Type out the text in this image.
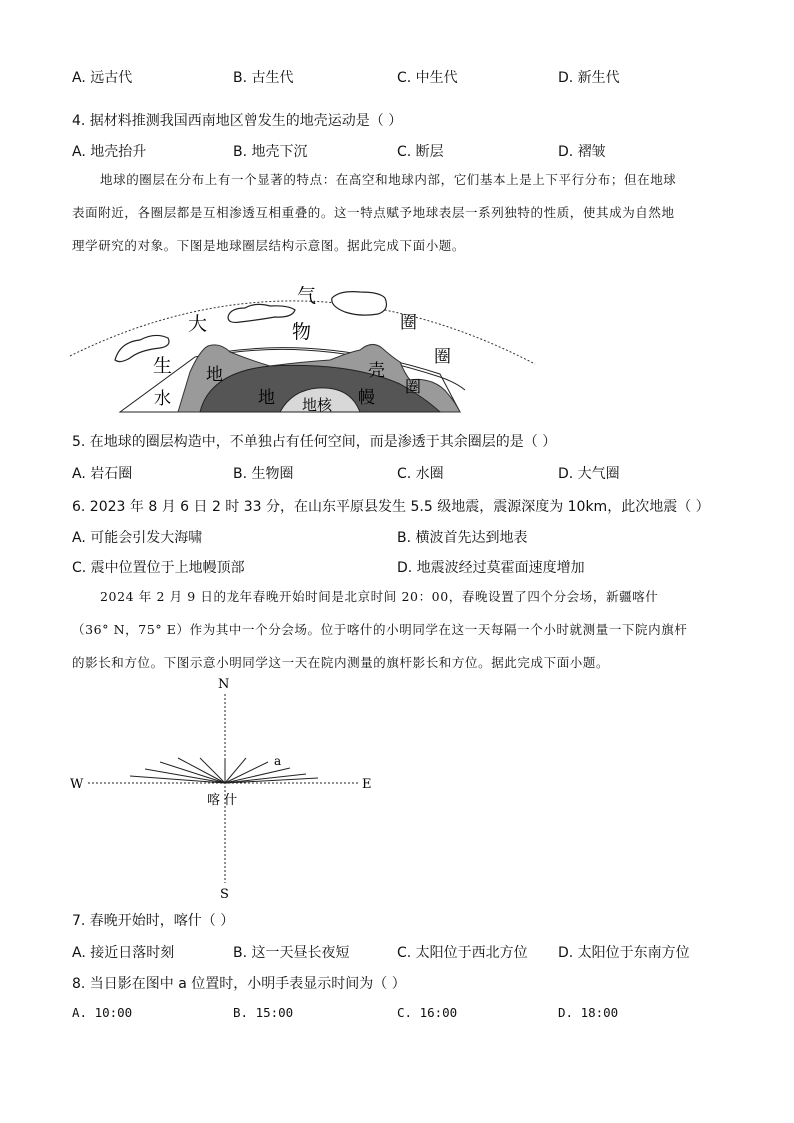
A. 远古代	B. 古生代	C. 中生代	D. 新生代
4. 据材料推测我国西南地区曾发生的地壳运动是（ ）
A. 地壳抬升	B. 地壳下沉	C. 断层	D. 褶皱
地球的圈层在分布上有一个显著的特点：在高空和地球内部，它们基本上是上下平行分布；但在地球
表面附近，各圈层都是互相渗透互相重叠的。这一特点赋予地球表层一系列独特的性质，使其成为自然地
理学研究的对象。下图是地球圈层结构示意图。据此完成下面小题。
大
气
圈
物
圈
生 地	壳
圈
水	地	幔
地核
5. 在地球的圈层构造中，不单独占有任何空间，而是渗透于其余圈层的是（ ）
A. 岩石圈	B. 生物圈	C. 水圈	D. 大气圈
6. 2023 年 8 月 6 日 2 时 33 分，在山东平原县发生 5.5 级地震，震源深度为 10km，此次地震（ ）
A. 可能会引发大海啸	B. 横波首先达到地表
C. 震中位置位于上地幔顶部	D. 地震波经过莫霍面速度增加
2024 年 2 月 9 日的龙年春晚开始时间是北京时间 20：00，春晚设置了四个分会场，新疆喀什
（36° N，75° E）作为其中一个分会场。位于喀什的小明同学在这一天每隔一个小时就测量一下院内旗杆
的影长和方位。下图示意小明同学这一天在院内测量的旗杆影长和方位。据此完成下面小题。
N
S
W	E
a
喀 什
7. 春晚开始时，喀什（ ）
A. 接近日落时刻	B. 这一天昼长夜短	C. 太阳位于西北方位 D. 太阳位于东南方位
8. 当日影在图中 a 位置时，小明手表显示时间为（ ）
A. 10:00	B. 15:00	C. 16:00	D. 18:00
